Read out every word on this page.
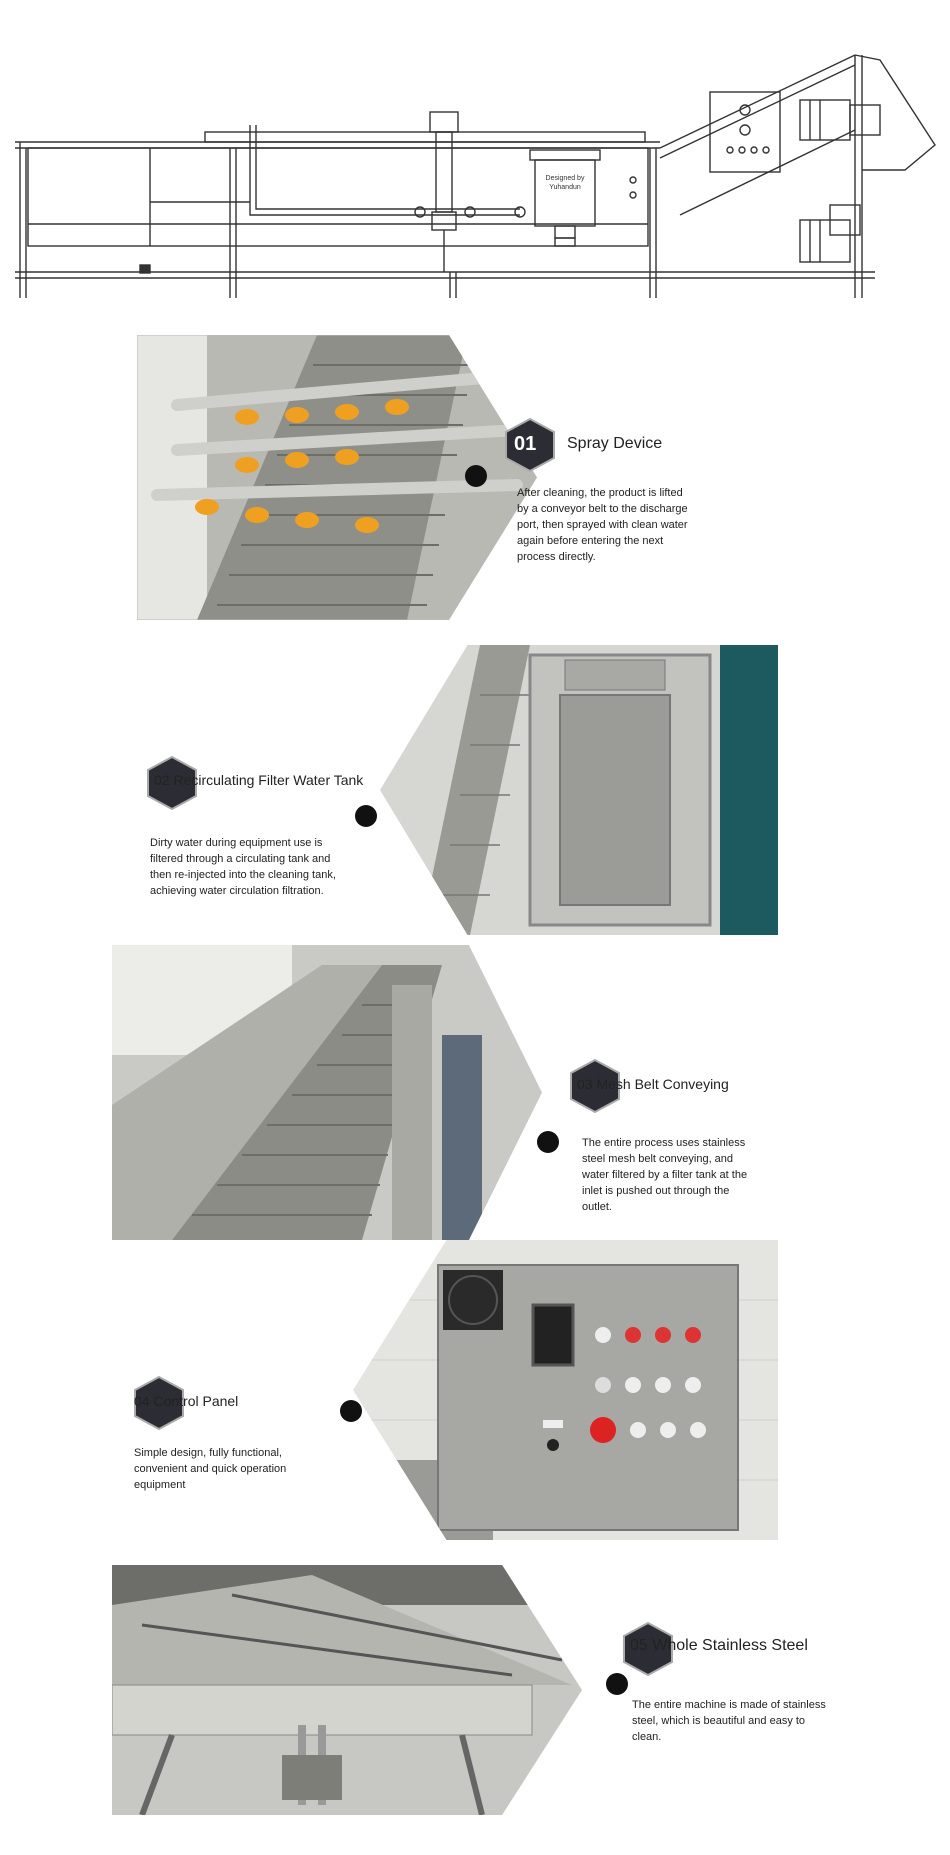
Designed by
Yuhandun
01 Spray Device
After cleaning, the product is lifted by a conveyor belt to the discharge port, then sprayed with clean water again before entering the next process directly.
02 Recirculating Filter Water Tank
Dirty water during equipment use is filtered through a circulating tank and then re-injected into the cleaning tank, achieving water circulation filtration.
03 Mesh Belt Conveying
The entire process uses stainless steel mesh belt conveying, and water filtered by a filter tank at the inlet is pushed out through the outlet.
04 Control Panel
Simple design, fully functional, convenient and quick operation equipment
05 Whole Stainless Steel
The entire machine is made of stainless steel, which is beautiful and easy to clean.
